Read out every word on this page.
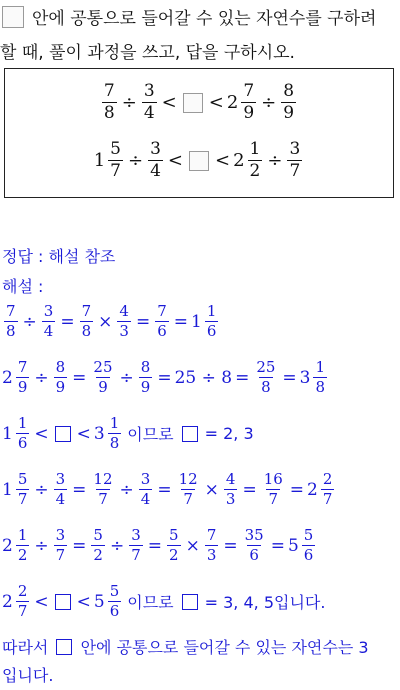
안에 공통으로 들어갈 수 있는 자연수를 구하려
할 때, 풀이 과정을 쓰고, 답을 구하시오.
$\frac{7}{8} \div \frac{3}{4}$ < < $2 \frac{7}{9} \div \frac{8}{9}$
$1 \frac{5}{7} \div \frac{3}{4}$ < < $2 \frac{1}{2} \div \frac{3}{7}$
정답 : 해설 참조
해설 :
$\frac{7}{8} \div \frac{3}{4} = \frac{7}{8} \times \frac{4}{3} = \frac{7}{6} = 1 \frac{1}{6}$
$2 \frac{7}{9} \div \frac{8}{9} = \frac{25}{9} \div \frac{8}{9} = 25 \div 8 = \frac{25}{8} = 3 \frac{1}{8}$
$1 \frac{1}{6}$ < < $3 \frac{1}{8}$ 이므로 = 2, 3
$1 \frac{5}{7} \div \frac{3}{4} = \frac{12}{7} \div \frac{3}{4} = \frac{12}{7} \times \frac{4}{3} = \frac{16}{7} = 2 \frac{2}{7}$
$2 \frac{1}{2} \div \frac{3}{7} = \frac{5}{2} \div \frac{3}{7} = \frac{5}{2} \times \frac{7}{3} = \frac{35}{6} = 5 \frac{5}{6}$
$2 \frac{2}{7}$ < < $5 \frac{5}{6}$ 이므로 = 3, 4, 5입니다.
따라서 안에 공통으로 들어갈 수 있는 자연수는 3
입니다.
